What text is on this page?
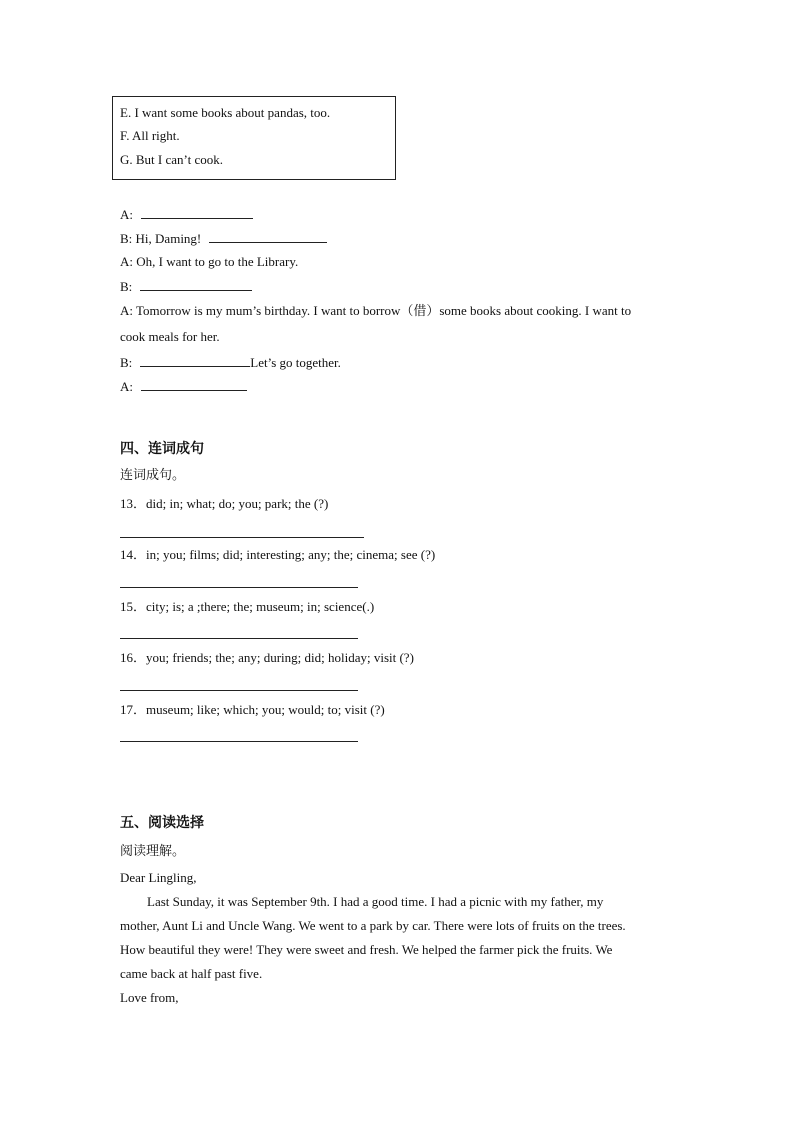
E. I want some books about pandas, too.
F. All right.
G. But I can’t cook.
A:
B: Hi, Daming!
A: Oh, I want to go to the Library.
B:
A: Tomorrow is my mum’s birthday. I want to borrow（借）some books about cooking. I want to
cook meals for her.
B:	Let’s go together.
A:
四、连词成句
连词成句。
13．did; in; what; do; you; park; the (?)
14．in; you; films; did; interesting; any; the; cinema; see (?)
15．city; is; a ;there; the; museum; in; science(.)
16．you; friends; the; any; during; did; holiday; visit (?)
17．museum; like; which; you; would; to; visit (?)
五、阅读选择
阅读理解。
Dear Lingling,
Last Sunday, it was September 9th. I had a good time. I had a picnic with my father, my
mother, Aunt Li and Uncle Wang. We went to a park by car. There were lots of fruits on the trees.
How beautiful they were! They were sweet and fresh. We helped the farmer pick the fruits. We
came back at half past five.
Love from,
